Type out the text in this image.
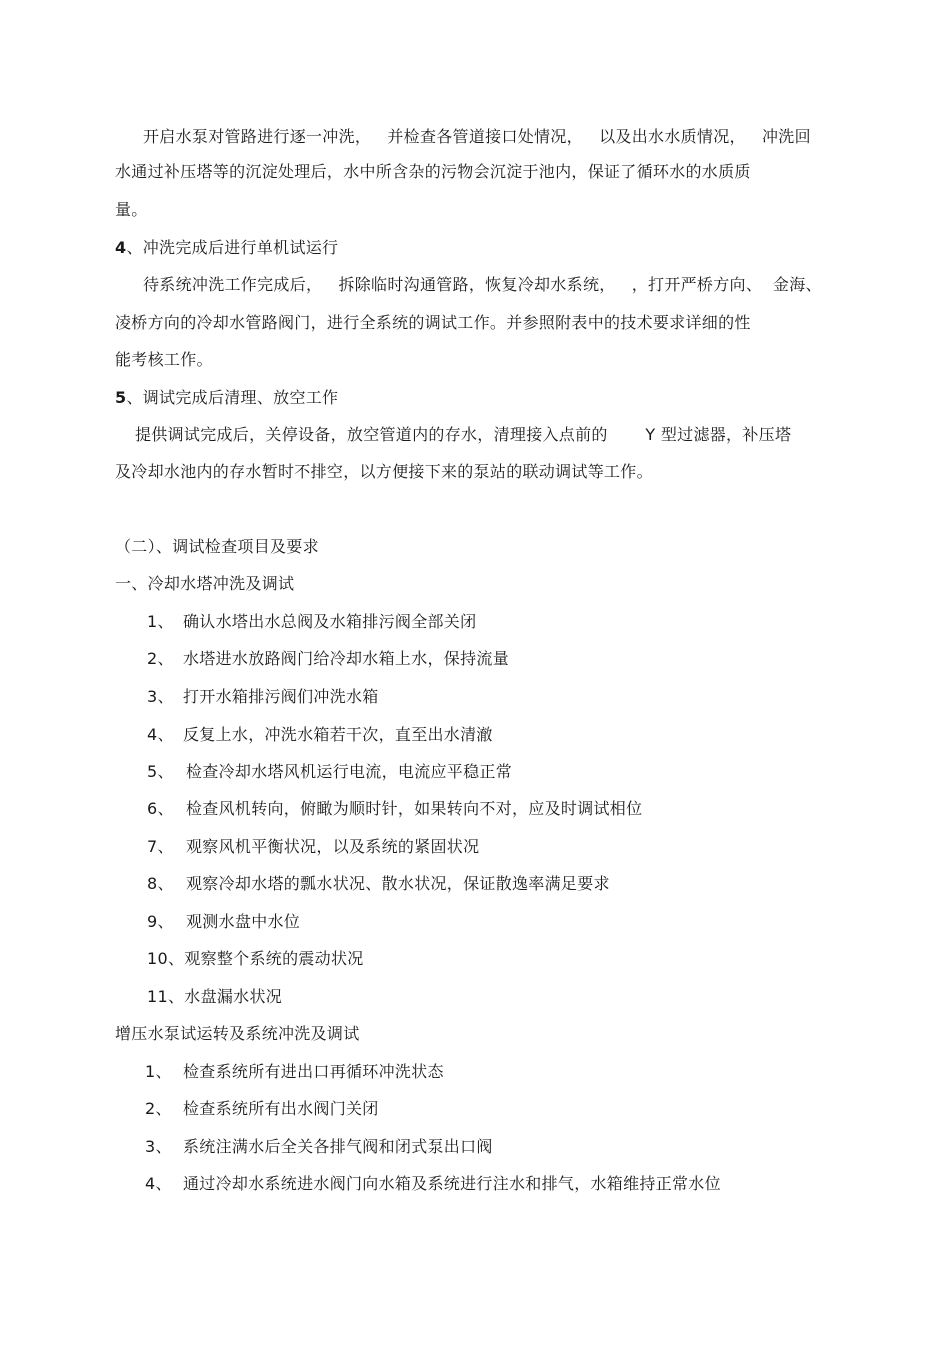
开启水泵对管路进行逐一冲洗，   并检查各管道接口处情况，   以及出水水质情况，   冲洗回
水通过补压塔等的沉淀处理后，水中所含杂的污物会沉淀于池内，保证了循环水的水质质
量。
4、冲洗完成后进行单机试运行
待系统冲洗工作完成后，   拆除临时沟通管路，恢复冷却水系统，   ，打开严桥方向、  金海、
凌桥方向的冷却水管路阀门，进行全系统的调试工作。并参照附表中的技术要求详细的性
能考核工作。
5、调试完成后清理、放空工作
提供调试完成后，关停设备，放空管道内的存水，清理接入点前的       Y 型过滤器，补压塔
及冷却水池内的存水暂时不排空，以方便接下来的泵站的联动调试等工作。
（二）、调试检查项目及要求
一、冷却水塔冲洗及调试
1、 确认水塔出水总阀及水箱排污阀全部关闭
2、 水塔进水放路阀门给冷却水箱上水，保持流量
3、 打开水箱排污阀们冲洗水箱
4、 反复上水，冲洗水箱若干次，直至出水清澈
5、 检查冷却水塔风机运行电流，电流应平稳正常
6、 检查风机转向，俯瞰为顺时针，如果转向不对，应及时调试相位
7、 观察风机平衡状况，以及系统的紧固状况
8、 观察冷却水塔的瓢水状况、散水状况，保证散逸率满足要求
9、 观测水盘中水位
10、观察整个系统的震动状况
11、水盘漏水状况
增压水泵试运转及系统冲洗及调试
1、 检查系统所有进出口再循环冲洗状态
2、 检查系统所有出水阀门关闭
3、 系统注满水后全关各排气阀和闭式泵出口阀
4、 通过冷却水系统进水阀门向水箱及系统进行注水和排气，水箱维持正常水位
